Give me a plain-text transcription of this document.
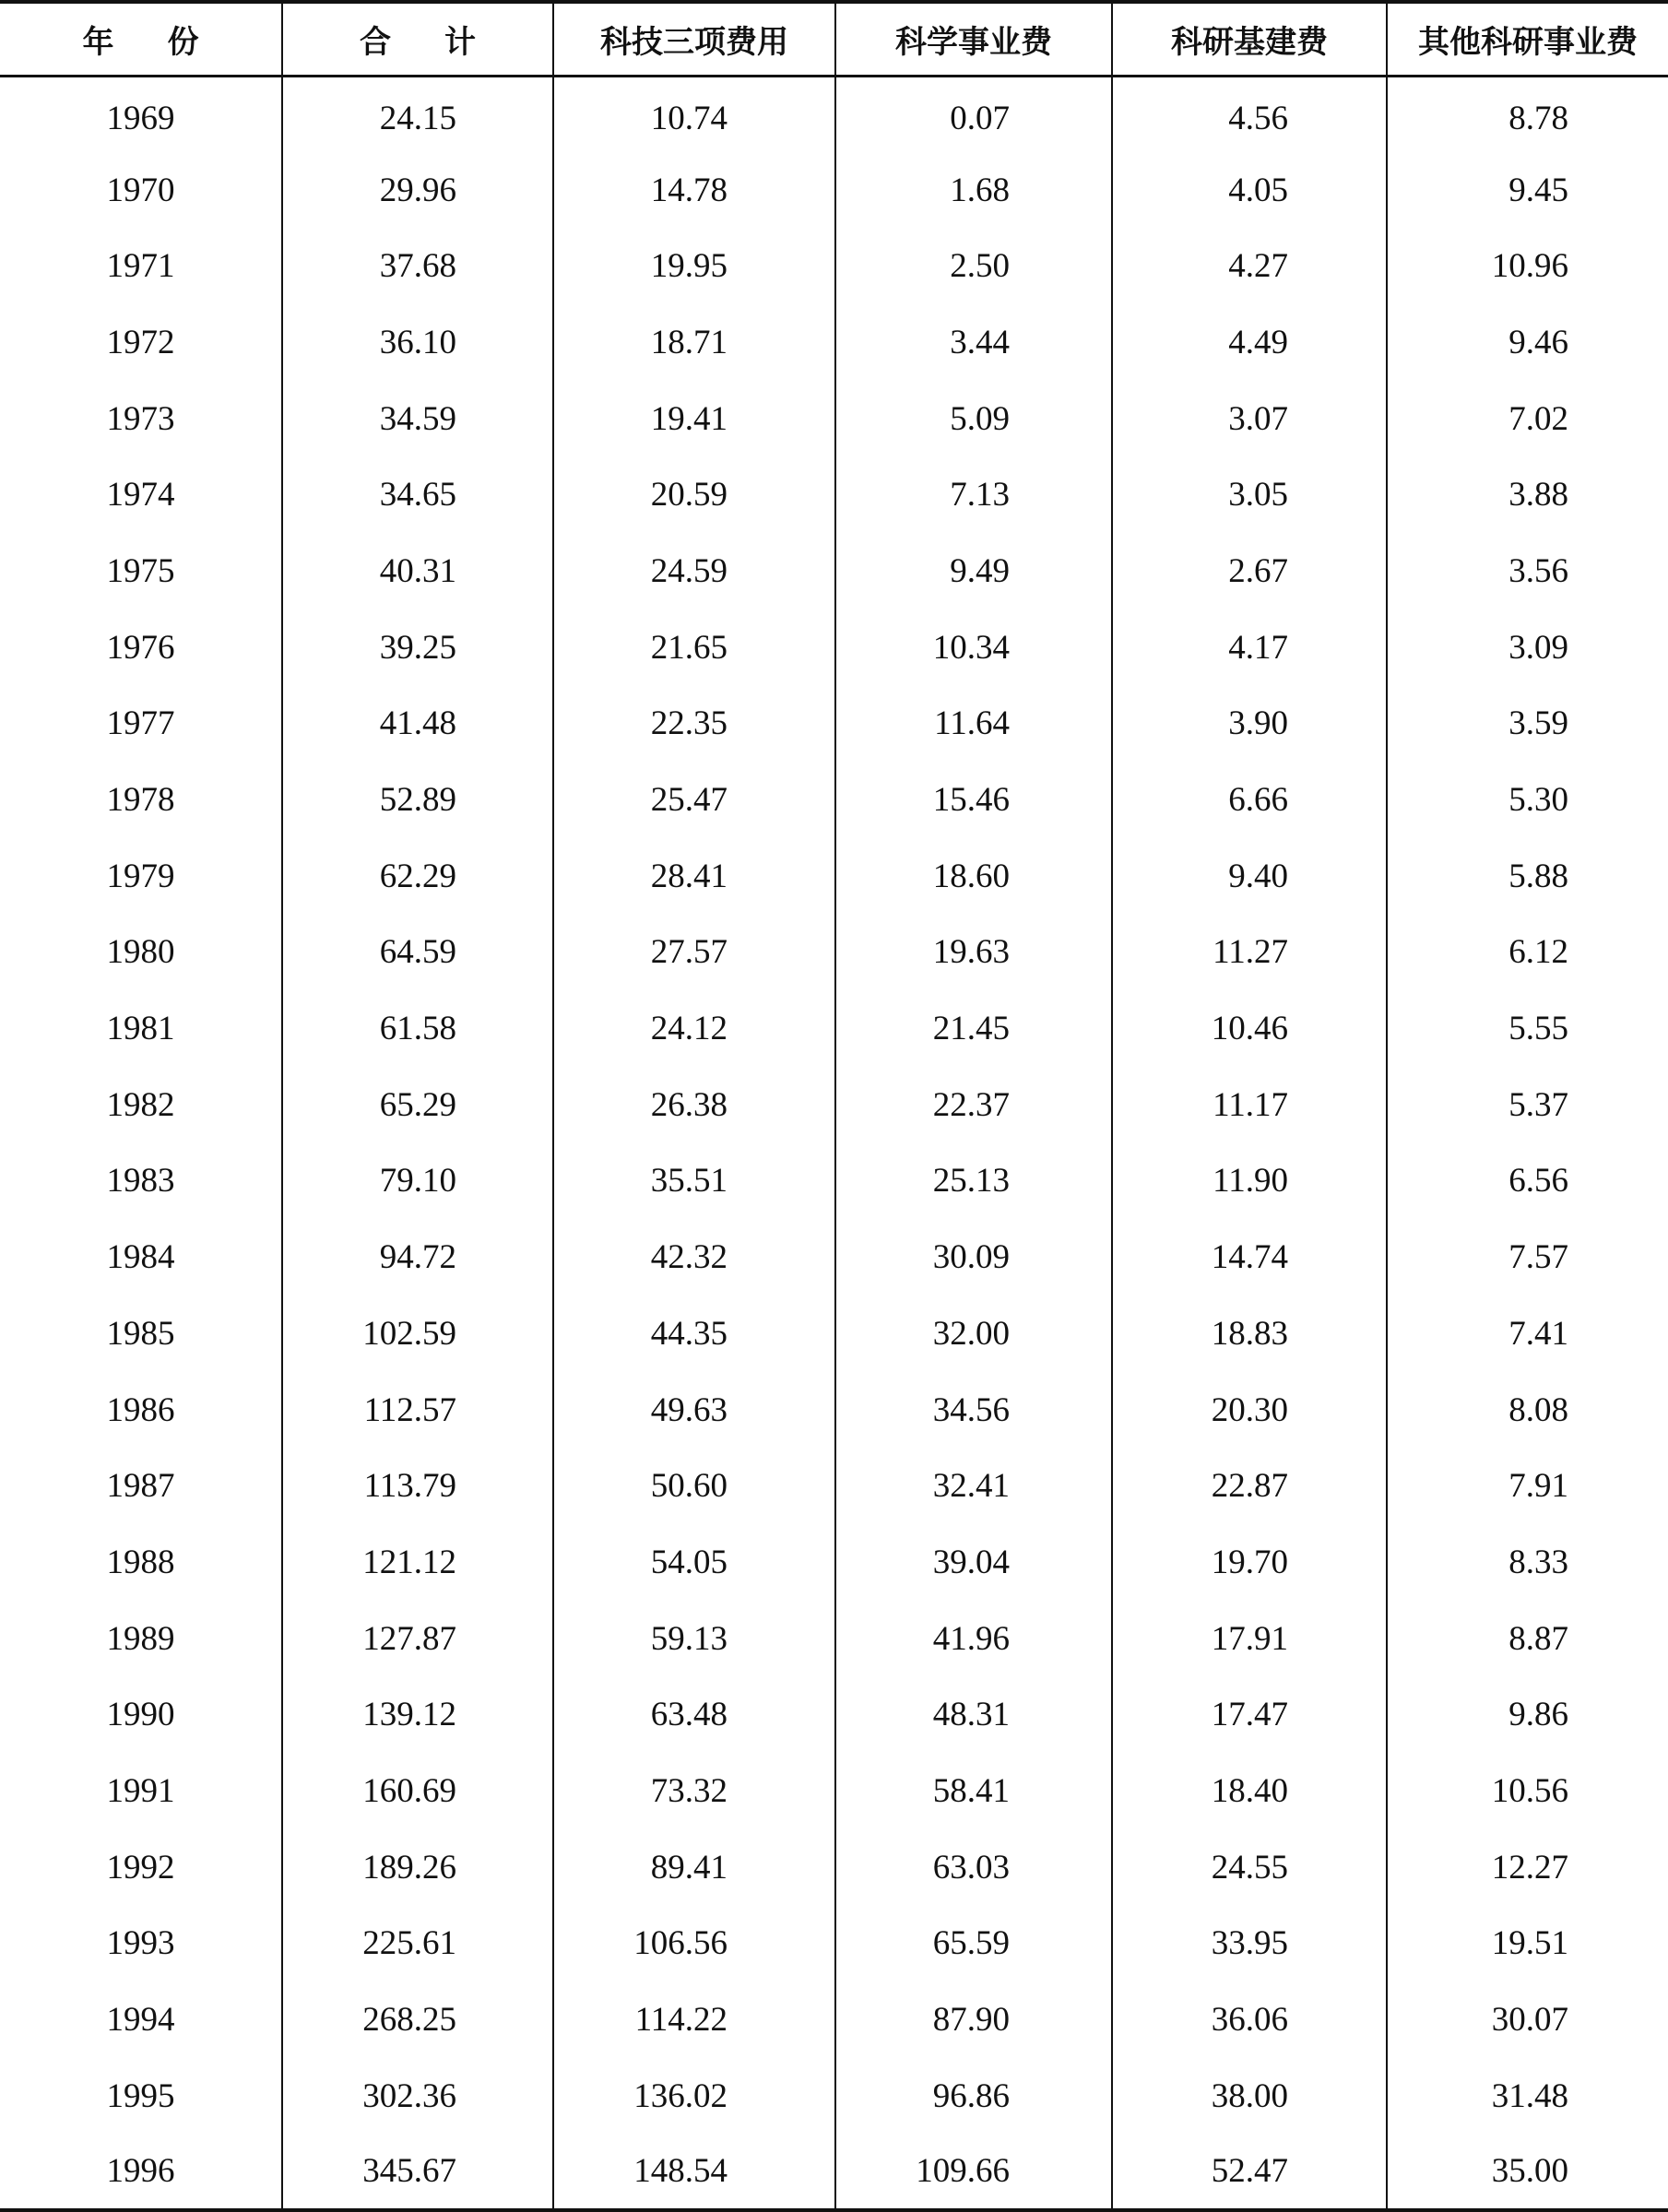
年份	合计	科技三项费用	科学事业费	科研基建费	其他科研事业费
1969	24.15	10.74	0.07	4.56	8.78
1970	29.96	14.78	1.68	4.05	9.45
1971	37.68	19.95	2.50	4.27	10.96
1972	36.10	18.71	3.44	4.49	9.46
1973	34.59	19.41	5.09	3.07	7.02
1974	34.65	20.59	7.13	3.05	3.88
1975	40.31	24.59	9.49	2.67	3.56
1976	39.25	21.65	10.34	4.17	3.09
1977	41.48	22.35	11.64	3.90	3.59
1978	52.89	25.47	15.46	6.66	5.30
1979	62.29	28.41	18.60	9.40	5.88
1980	64.59	27.57	19.63	11.27	6.12
1981	61.58	24.12	21.45	10.46	5.55
1982	65.29	26.38	22.37	11.17	5.37
1983	79.10	35.51	25.13	11.90	6.56
1984	94.72	42.32	30.09	14.74	7.57
1985	102.59	44.35	32.00	18.83	7.41
1986	112.57	49.63	34.56	20.30	8.08
1987	113.79	50.60	32.41	22.87	7.91
1988	121.12	54.05	39.04	19.70	8.33
1989	127.87	59.13	41.96	17.91	8.87
1990	139.12	63.48	48.31	17.47	9.86
1991	160.69	73.32	58.41	18.40	10.56
1992	189.26	89.41	63.03	24.55	12.27
1993	225.61	106.56	65.59	33.95	19.51
1994	268.25	114.22	87.90	36.06	30.07
1995	302.36	136.02	96.86	38.00	31.48
1996	345.67	148.54	109.66	52.47	35.00
